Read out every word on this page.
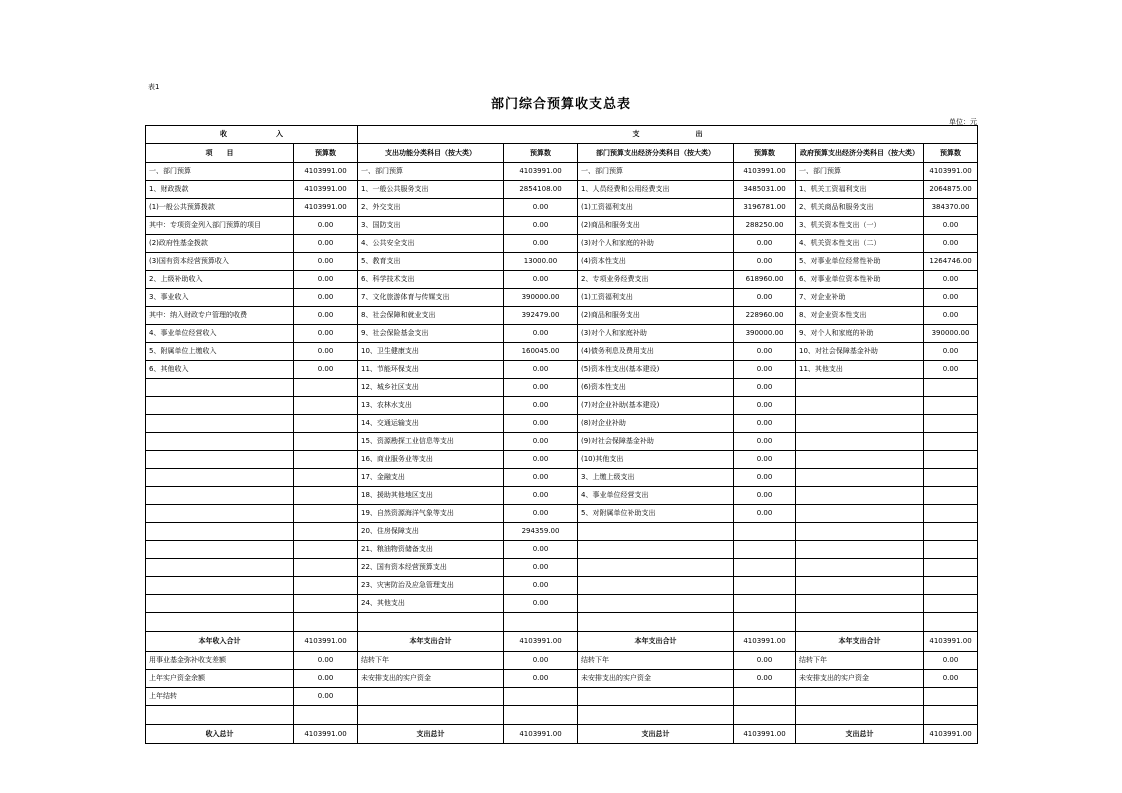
表1
部门综合预算收支总表
单位：元
收　　　　　　　入		支　　　　　　　　出					
项　　目	预算数	支出功能分类科目（按大类）	预算数	部门预算支出经济分类科目（按大类）	预算数	政府预算支出经济分类科目（按大类）	预算数
一、部门预算	4103991.00	一、部门预算	4103991.00	一、部门预算	4103991.00	一、部门预算	4103991.00
1、财政拨款	4103991.00	1、一般公共服务支出	2854108.00	1、人员经费和公用经费支出	3485031.00	1、机关工资福利支出	2064875.00
(1)一般公共预算拨款	4103991.00	2、外交支出	0.00	(1)工资福利支出	3196781.00	2、机关商品和服务支出	384370.00
其中：专项资金列入部门预算的项目	0.00	3、国防支出	0.00	(2)商品和服务支出	288250.00	3、机关资本性支出（一）	0.00
(2)政府性基金拨款	0.00	4、公共安全支出	0.00	(3)对个人和家庭的补助	0.00	4、机关资本性支出（二）	0.00
(3)国有资本经营预算收入	0.00	5、教育支出	13000.00	(4)资本性支出	0.00	5、对事业单位经常性补助	1264746.00
2、上级补助收入	0.00	6、科学技术支出	0.00	2、专项业务经费支出	618960.00	6、对事业单位资本性补助	0.00
3、事业收入	0.00	7、文化旅游体育与传媒支出	390000.00	(1)工资福利支出	0.00	7、对企业补助	0.00
其中：纳入财政专户管理的收费	0.00	8、社会保障和就业支出	392479.00	(2)商品和服务支出	228960.00	8、对企业资本性支出	0.00
4、事业单位经营收入	0.00	9、社会保险基金支出	0.00	(3)对个人和家庭补助	390000.00	9、对个人和家庭的补助	390000.00
5、附属单位上缴收入	0.00	10、卫生健康支出	160045.00	(4)债务利息及费用支出	0.00	10、对社会保障基金补助	0.00
6、其他收入	0.00	11、节能环保支出	0.00	(5)资本性支出(基本建设)	0.00	11、其他支出	0.00
		12、城乡社区支出	0.00	(6)资本性支出	0.00		
		13、农林水支出	0.00	(7)对企业补助(基本建设)	0.00		
		14、交通运输支出	0.00	(8)对企业补助	0.00		
		15、资源勘探工业信息等支出	0.00	(9)对社会保障基金补助	0.00		
		16、商业服务业等支出	0.00	(10)其他支出	0.00		
		17、金融支出	0.00	3、上缴上级支出	0.00		
		18、援助其他地区支出	0.00	4、事业单位经营支出	0.00		
		19、自然资源海洋气象等支出	0.00	5、对附属单位补助支出	0.00		
		20、住房保障支出	294359.00				
		21、粮油物资储备支出	0.00				
		22、国有资本经营预算支出	0.00				
		23、灾害防治及应急管理支出	0.00				
		24、其他支出	0.00				

本年收入合计	4103991.00	本年支出合计	4103991.00	本年支出合计	4103991.00	本年支出合计	4103991.00
用事业基金弥补收支差额	0.00	结转下年	0.00	结转下年	0.00	结转下年	0.00
上年实户资金余额	0.00	未安排支出的实户资金	0.00	未安排支出的实户资金	0.00	未安排支出的实户资金	0.00
上年结转	0.00						

收入总计	4103991.00	支出总计	4103991.00	支出总计	4103991.00	支出总计	4103991.00
